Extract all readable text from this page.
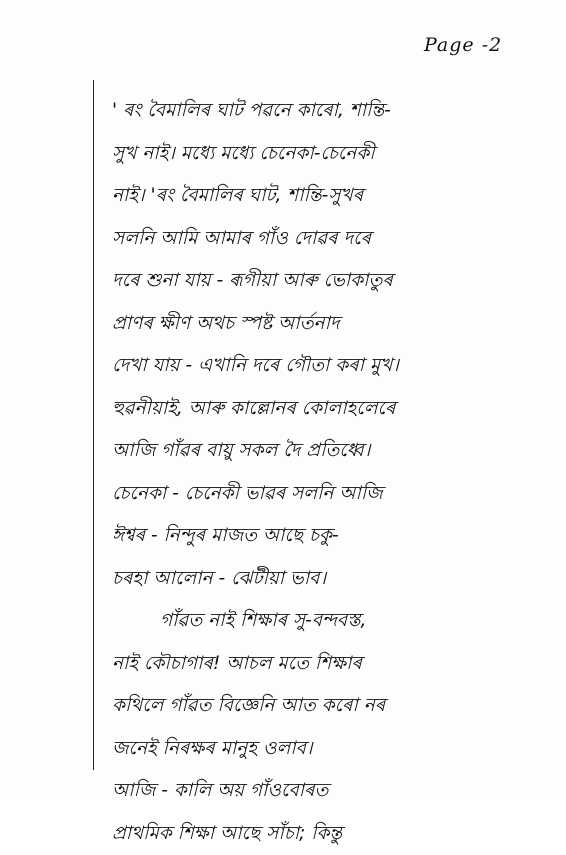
Page -2
' ৰং বৈমালিৰ ঘাট পৱনে কাৰো, শান্তি-
সুখ নাই। মধ্যে মধ্যে চেনেকা-চেনেকী
নাই। 'ৰং বৈমালিৰ ঘাট, শান্তি-সুখৰ
সলনি আমি আমাৰ গাঁও দোৱৰ দৰে
দৰে শুনা যায় - ৰূগীয়া আৰু ভোকাতুৰ
প্ৰাণৰ ক্ষীণ অথচ স্পষ্ট আৰ্তনাদ
দেখা যায় - এখানি দৰে গৌতা কৰা মুখ।
হুৱনীয়াই, আৰু কাল্লোনৰ কোলাহলেৰে
আজি গাঁৱৰ বায়ু সকল দৈ প্ৰতিধ্বে।
চেনেকা - চেনেকী ভাৱৰ সলনি আজি
ঈশ্বৰ - নিন্দুৰ মাজত আছে চকু-
চৰহা আলোন - ঝেটীয়া ভাব।
গাঁৱত নাই শিক্ষাৰ সু-বন্দবস্ত,
নাই কৌচাগাৰ! আচল মতে শিক্ষাৰ
কথিলে গাঁৱত বিজ্ঞেনি আত কৰো নৰ
জনেই নিৰক্ষৰ মানুহ ওলাব।
আজি - কালি অয় গাঁওবোৰত
প্ৰাথমিক শিক্ষা আছে সাঁচা; কিন্তু
